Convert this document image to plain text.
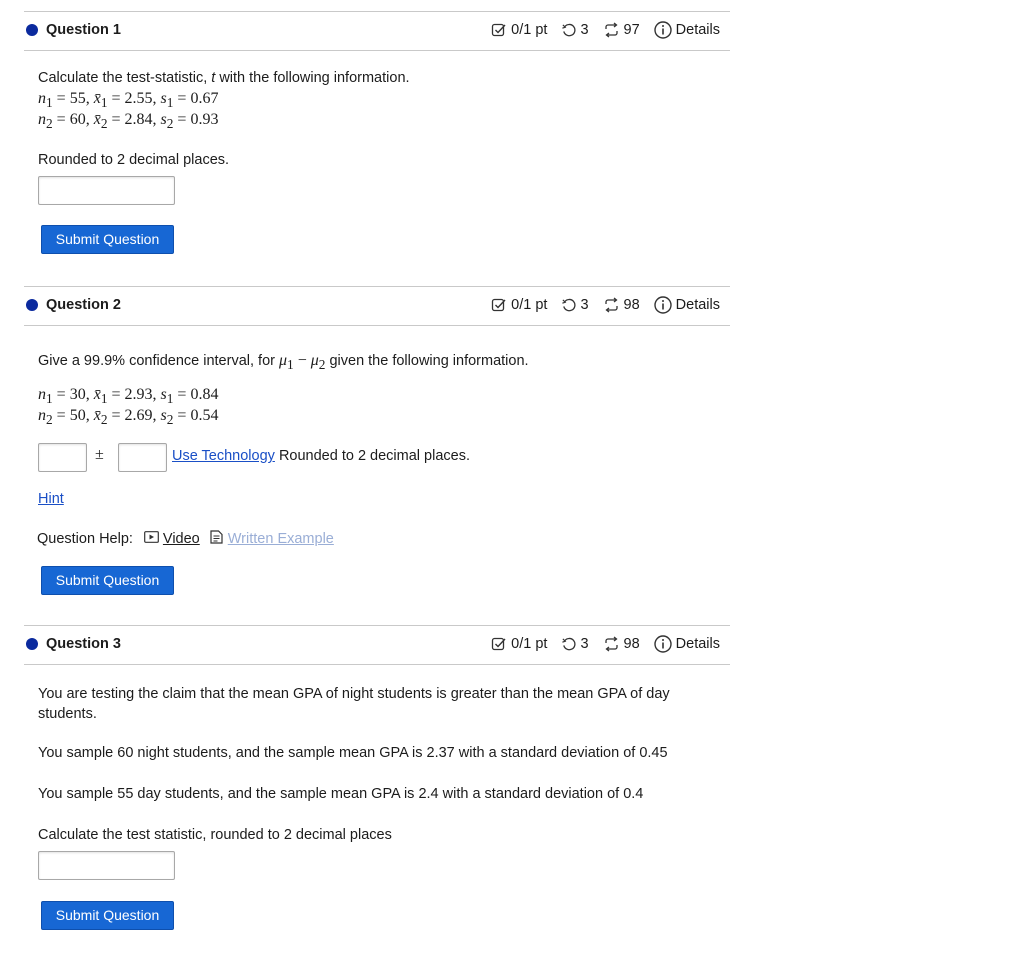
Question 1	0/1 pt 3 97 Details
Calculate the test-statistic, t with the following information.
$n_1 = 55$, $x̄_1 = 2.55$, $s_1 = 0.67$
$n_2 = 60$, $x̄_2 = 2.84$, $s_2 = 0.93$
Rounded to 2 decimal places.
Submit Question
Question 2	0/1 pt 3 98 Details
Give a 99.9% confidence interval, for $\mu_1 - \mu_2$ given the following information.
$n_1 = 30$, $x̄_1 = 2.93$, $s_1 = 0.84$
$n_2 = 50$, $x̄_2 = 2.69$, $s_2 = 0.54$
±	Use Technology Rounded to 2 decimal places.
Hint
Question Help: Video Written Example
Submit Question
Question 3	0/1 pt 3 98 Details
You are testing the claim that the mean GPA of night students is greater than the mean GPA of day students.
You sample 60 night students, and the sample mean GPA is 2.37 with a standard deviation of 0.45
You sample 55 day students, and the sample mean GPA is 2.4 with a standard deviation of 0.4
Calculate the test statistic, rounded to 2 decimal places
Submit Question
